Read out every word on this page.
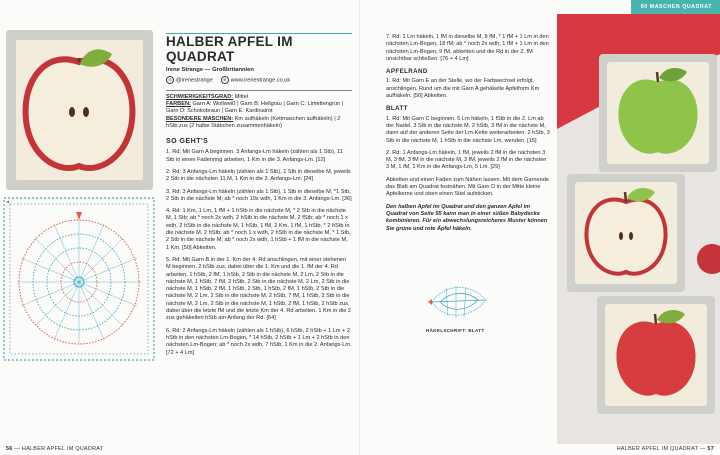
◀
HALBER APFEL IM QUADRAT
Irene Strange — Großbritannien
◎ @irenestrange	⊕ www.irenestrange.co.uk
SCHWIERIGKEITSGRAD: Mittel
FARBEN: Garn A: Wollweiß | Garn B: Hellgrau | Garn C: Limettengrün | Garn D: Schokobraun | Garn E: Kardinalrot
BESONDERE MASCHEN: Km aufhäkeln (Kettmaschen aufhäkeln) | 2 hStb zus (2 halbe Stäbchen zusammenhäkeln)
SO GEHT'S

1. Rd: Mit Garn A beginnen. 3 Anfangs-Lm häkeln (zählen als 1 Stb), 11 Stb in einen Fadenring arbeiten, 1 Km in die 3. Anfangs-Lm. [12]

2. Rd: 3 Anfangs-Lm häkeln (zählen als 1 Stb), 1 Stb in dieselbe M, jeweils 2 Stb in die nächsten 11 M, 1 Km in die 3. Anfangs-Lm. [24]

3. Rd: 3 Anfangs-Lm häkeln (zählen als 1 Stb), 1 Stb in dieselbe M, *1 Stb, 2 Stb in die nächste M; ab * noch 10x wdh, 1 Km in die 3. Anfangs-Lm. [36]

4. Rd: 1 Km, 1 Lm, 1 fM + 1 hStb in die nächste M, * 2 Stb in die nächste M, 1 Stb; ab * noch 2x wdh, 2 hStb in die nächste M, 2 fStb; ab * noch 1 x wdh, 2 hStb in die nächste M, 1 hStb, 1 fM, 2 Km, 1 fM, 1 hStb, * 2 hStb in die nächste M, 2 hStb; ab * noch 1 x wdh, 2 hStb in die nächste M, * 1 Stb, 2 Stb in die nächste M; ab * noch 2x wdh, 1 hStb + 1 fM in die nächste M, 1 Km. [50] Abketten.

5. Rd: Mit Garn B in der 1. Km der 4. Rd anschlingen, mit einer stehenen M beginnen. 2 hStb zus, dabei über die 1. Km und die 1. fM der 4. Rd arbeiten, 1 hStb, 2 fM, 1 hStb, 2 Stb in die nächste M, 2 Lm, 2 Stb in die nächste M, 1 hStb, 7 fM, 2 hStb, 2 Stb in die nächste M, 2 Lm, 2 Stb in die nächste M, 1 hStb, 2 fM, 1 hStb, 2 Stb, 1 hStb, 2 fM, 1 hStb, 2 Stb in die nächste M, 2 Lm, 2 Stb in die nächste M, 2 hStb, 7 fM, 1 hStb, 2 Stb in die nächste M, 2 Lm, 2 Stb in die nächste M, 1 hStb, 2 fM, 1 hStb, 2 hStb zus, dabei über die letzte fM und die letzte Km der 4. Rd arbeiten. 1 Km in die 2 zus gehäkelten hStb am Anfang der Rd. [64]

6. Rd: 2 Anfangs-Lm häkeln (zählen als 1 hStb), 6 hStb, 2 hStb + 1 Lm + 2 hStb in den nächsten Lm-Bogen, * 14 hStb, 2 hStb + 1 Lm + 2 hStb in den nächsten Lm-Bogen; ab * noch 2x wdh, 7 hStb, 1 Km in die 2. Anfangs-Lm. [72 + 4 Lm]

56 — HALBER APFEL IM QUADRAT

7. Rd: 1 Lm häkeln, 1 fM in dieselbe M, 8 fM, * 1 fM + 1 Lm in den nächsten Lm-Bogen, 18 fM; ab * noch 2x wdh, 1 fM + 1 Lm in den nächsten Lm-Bogen, 9 fM, abketten und die Rd in der 2. fM unsichtbar schließen. [76 + 4 Lm]

APFELRAND

1. Rd: Mit Garn E an der Stelle, wo der Farbwechsel erfolgt, anschlingen. Rund um die mit Garn A gehäkelte Apfelform Km aufhäkeln. [50] Abketten.

BLATT

1. Rd: Mit Garn C beginnen. 6 Lm häkeln, 1 fStb in die 2. Lm ab der Nadel, 3 Stb in die nächste M, 2 hStb, 3 fM in die nächste M, dann auf der anderen Seite der Lm-Kette weiterarbeiten. 2 hStb, 3 Stb in die nächste M, 1 hStb in die nächste Lm, wenden. [15]

2. Rd: 1 Anfangs-Lm häkeln, 1 fM, jeweils 2 fM in die nächsten 3 M, 3 fM, 3 fM in die nächste M, 3 fM, jeweils 2 fM in die nächsten 3 M, 1 fM, 1 Km in die Anfangs-Lm, 5 Lm. [29]

Abketten und einen Faden zum Nähen lassen. Mit dem Garnende das Blatt am Quadrat festnähen. Mit Garn D in der Mitte kleine Apfelkerne und oben einen Stiel aufsticken.

Den halben Apfel im Quadrat und den ganzen Apfel im Quadrat von Seite 55 kann man in einer süßen Babydecke kombinieren. Für ein abwechslungsreicheres Muster können Sie grüne und rote Äpfel häkeln.

HÄKELSCHRIFT: BLATT
80 MASCHEN QUADRAT
HALBER APFEL IM QUADRAT — 57
